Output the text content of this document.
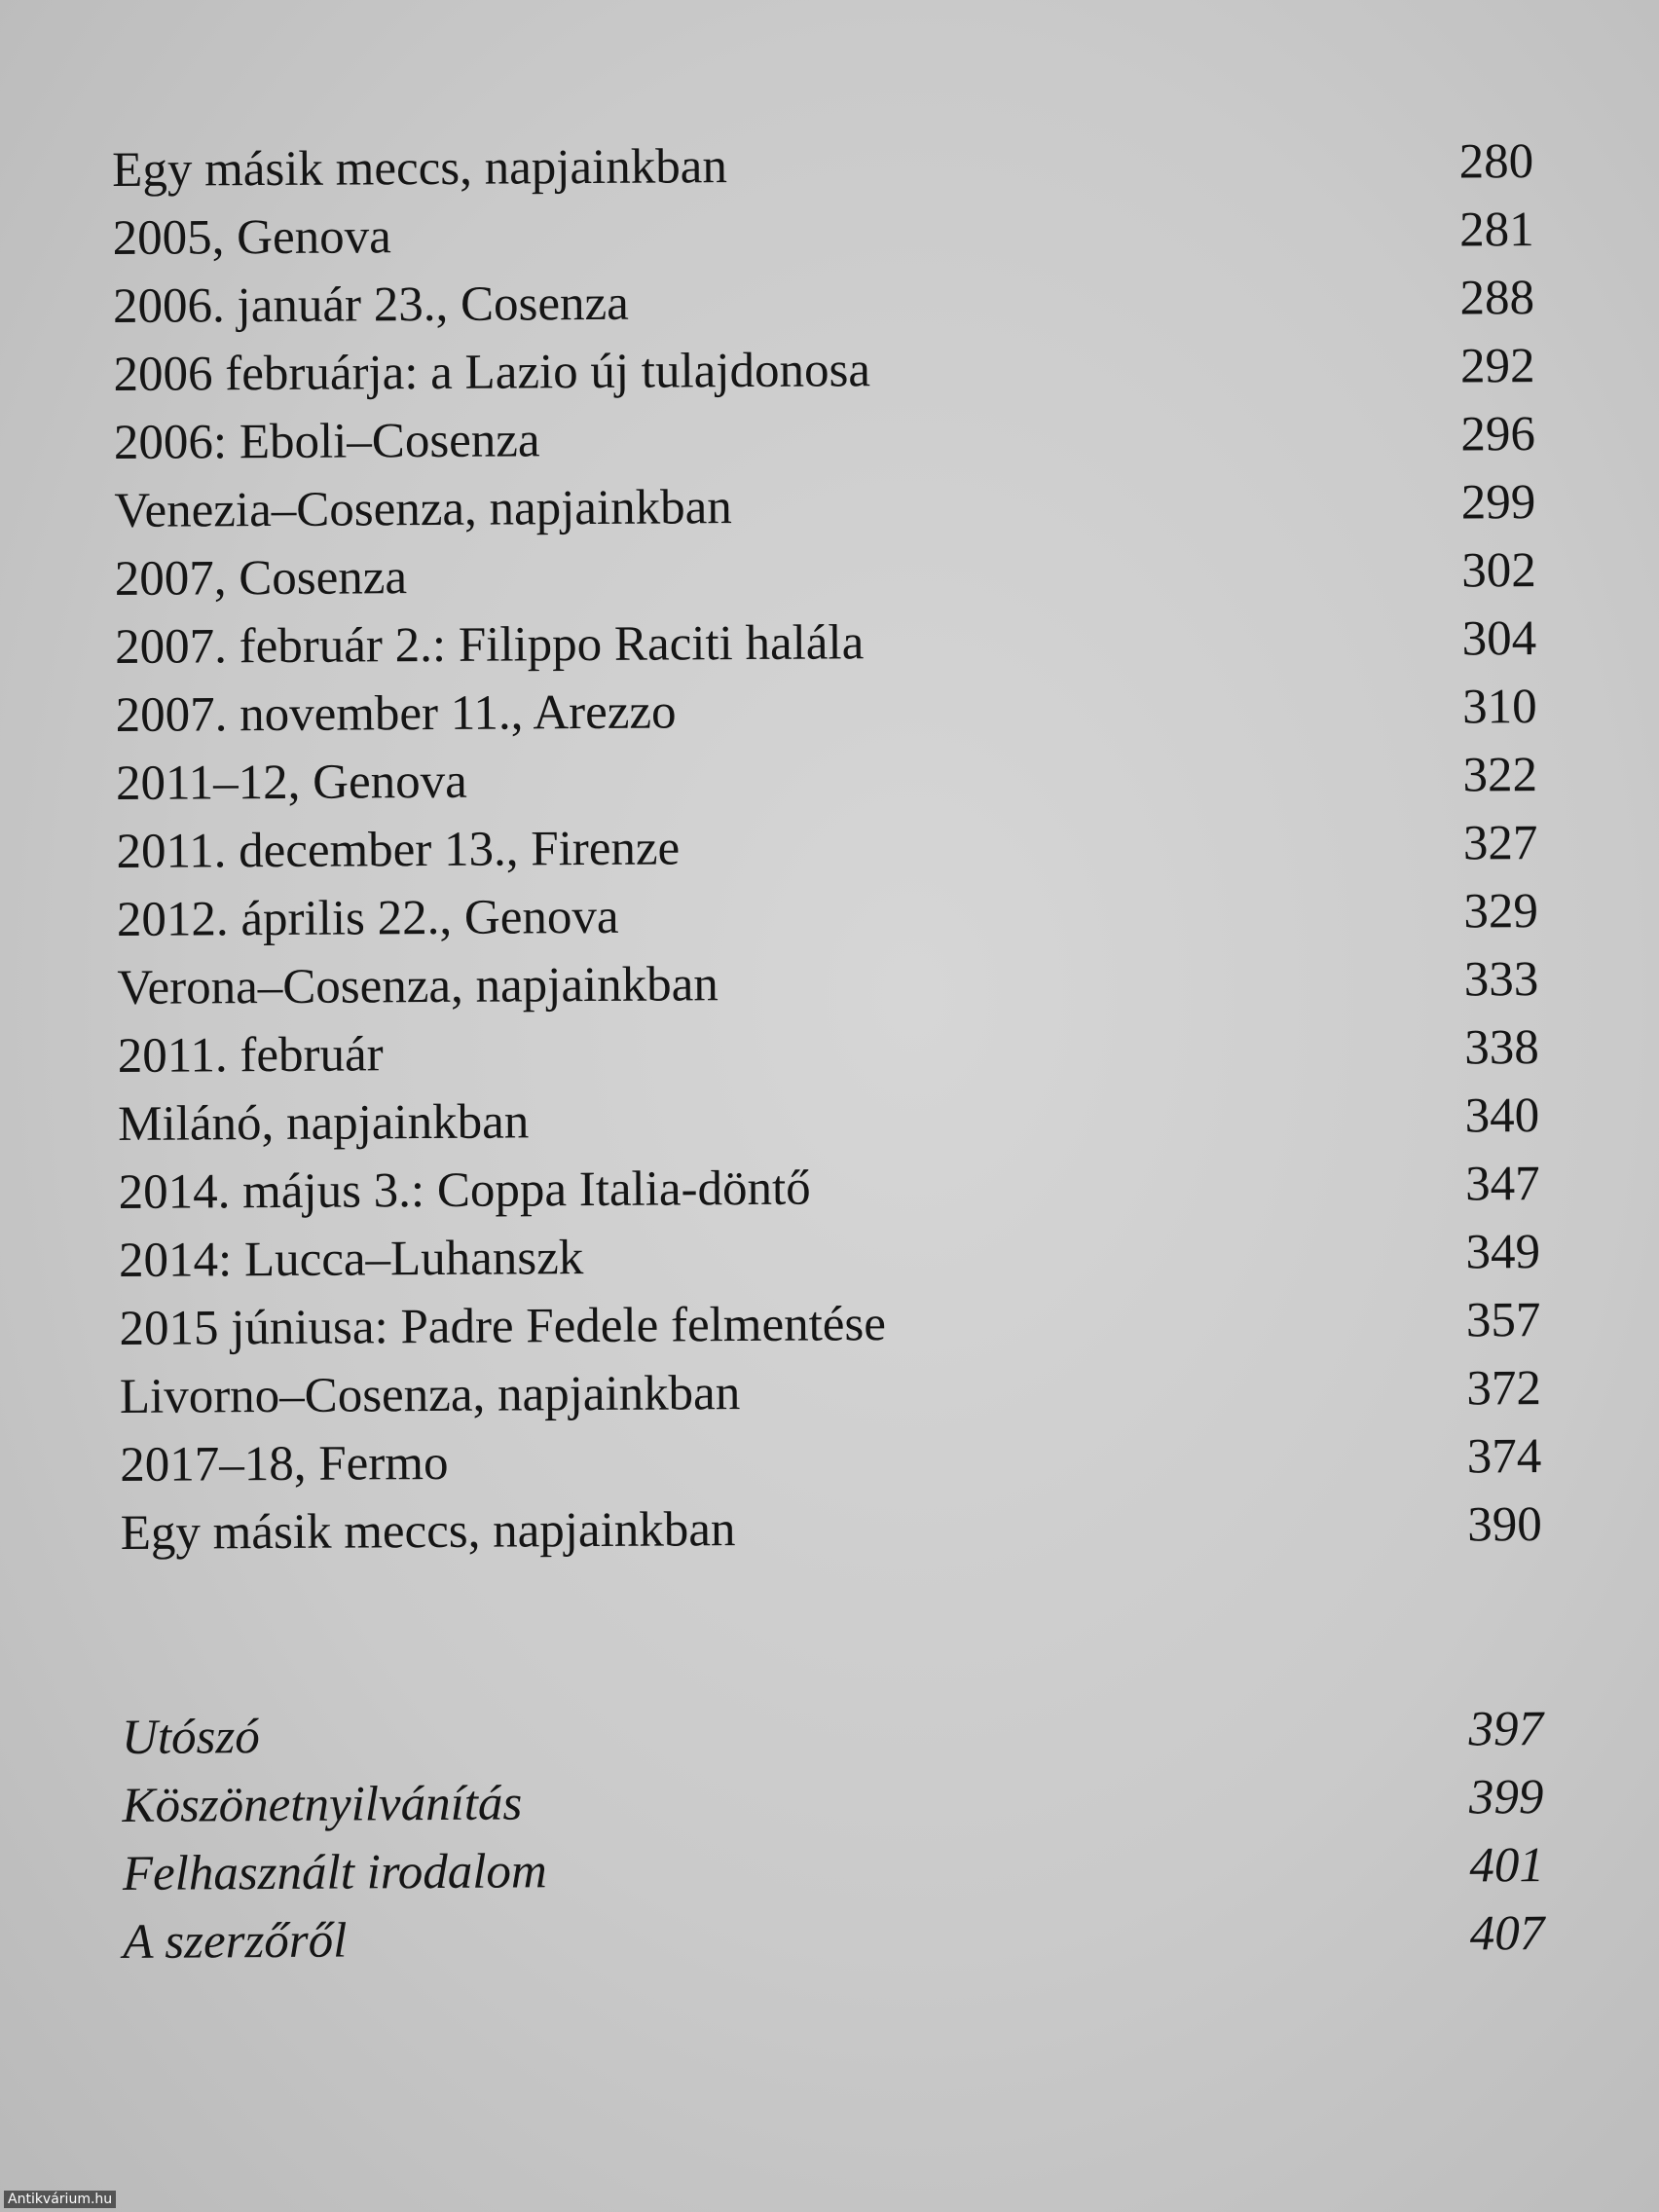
Egy másik meccs, napjainkban	280
2005, Genova	281
2006. január 23., Cosenza	288
2006 februárja: a Lazio új tulajdonosa	292
2006: Eboli–Cosenza	296
Venezia–Cosenza, napjainkban	299
2007, Cosenza	302
2007. február 2.: Filippo Raciti halála	304
2007. november 11., Arezzo	310
2011–12, Genova	322
2011. december 13., Firenze	327
2012. április 22., Genova	329
Verona–Cosenza, napjainkban	333
2011. február	338
Milánó, napjainkban	340
2014. május 3.: Coppa Italia-döntő	347
2014: Lucca–Luhanszk	349
2015 júniusa: Padre Fedele felmentése	357
Livorno–Cosenza, napjainkban	372
2017–18, Fermo	374
Egy másik meccs, napjainkban	390
Utószó	397
Köszönetnyilvánítás	399
Felhasznált irodalom	401
A szerzőről	407
Antikvárium.hu
